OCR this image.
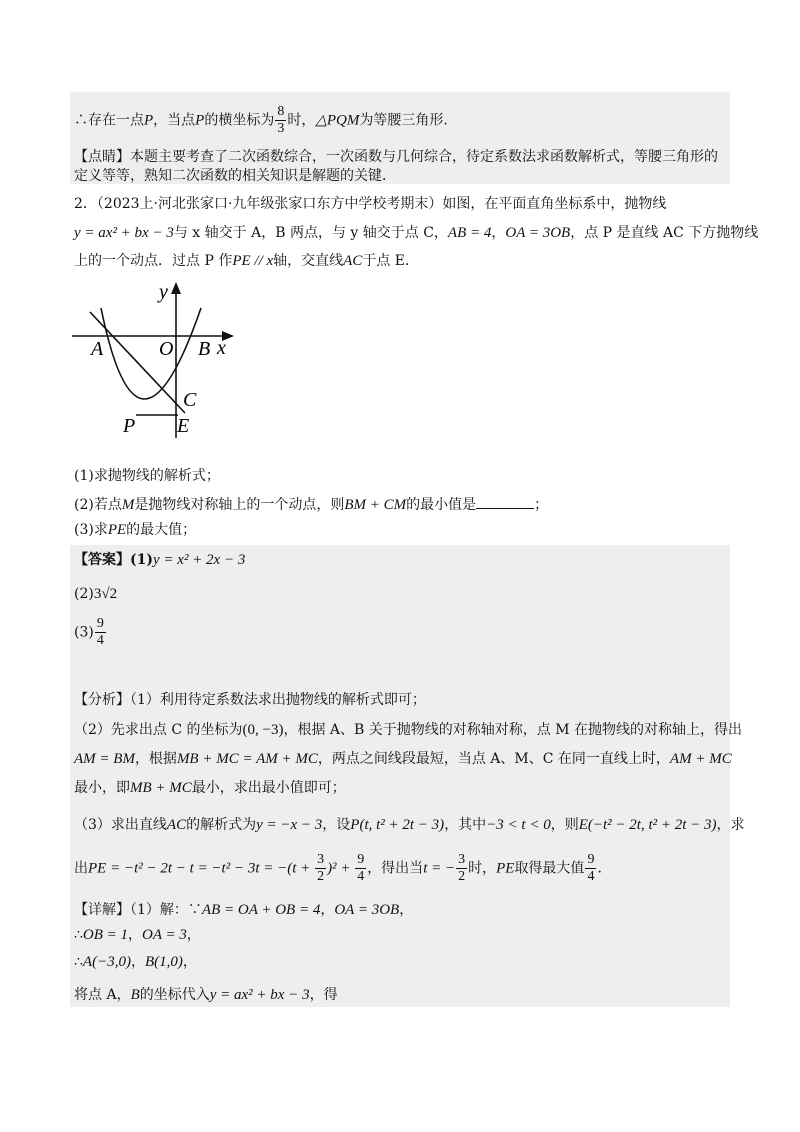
∴存在一点P，当点P的横坐标为 $\frac{8}{3}$ 时，△PQM为等腰三角形．
【点睛】本题主要考查了二次函数综合，一次函数与几何综合，待定系数法求函数解析式，等腰三角形的
定义等等，熟知二次函数的相关知识是解题的关键．
2．（2023上·河北张家口·九年级张家口东方中学校考期末）如图，在平面直角坐标系中，抛物线
y = ax² + bx − 3与 x 轴交于 A，B 两点，与 y 轴交于点 C，AB = 4，OA = 3OB，点 P 是直线 AC 下方抛物线
上的一个动点．过点 P 作PE // x轴，交直线AC于点 E．
y
x
A	O B
C
P E
(1)求抛物线的解析式；
(2)若点M是抛物线对称轴上的一个动点，则BM + CM的最小值是	；
(3)求PE的最大值；
【答案】(1)y = x² + 2x − 3
(2)3√2
$(3) \frac{9}{4}$
【分析】（1）利用待定系数法求出抛物线的解析式即可；
（2）先求出点 C 的坐标为(0, −3)，根据 A、B 关于抛物线的对称轴对称，点 M 在抛物线的对称轴上，得出
AM = BM，根据MB + MC = AM + MC，两点之间线段最短，当点 A、M、C 在同一直线上时，AM + MC
最小，即MB + MC最小，求出最小值即可；
（3）求出直线AC的解析式为y = −x − 3，设P(t, t² + 2t − 3)，其中−3 < t < 0，则E(−t² − 2t, t² + 2t − 3)，求
出PE = $-t^2 - 2t - t = -t^2 - 3t = -(t + \frac{3}{2} )^2 + \frac{9}{4}$ ，得出当t = − $\frac{3}{2}$ 时，PE取得最大值 $\frac{9}{4}$ ．
【详解】（1）解：∵AB = OA + OB = 4，OA = 3OB，
∴OB = 1，OA = 3，
∴A(−3,0)，B(1,0)，
将点 A，B的坐标代入y = ax² + bx − 3，得
